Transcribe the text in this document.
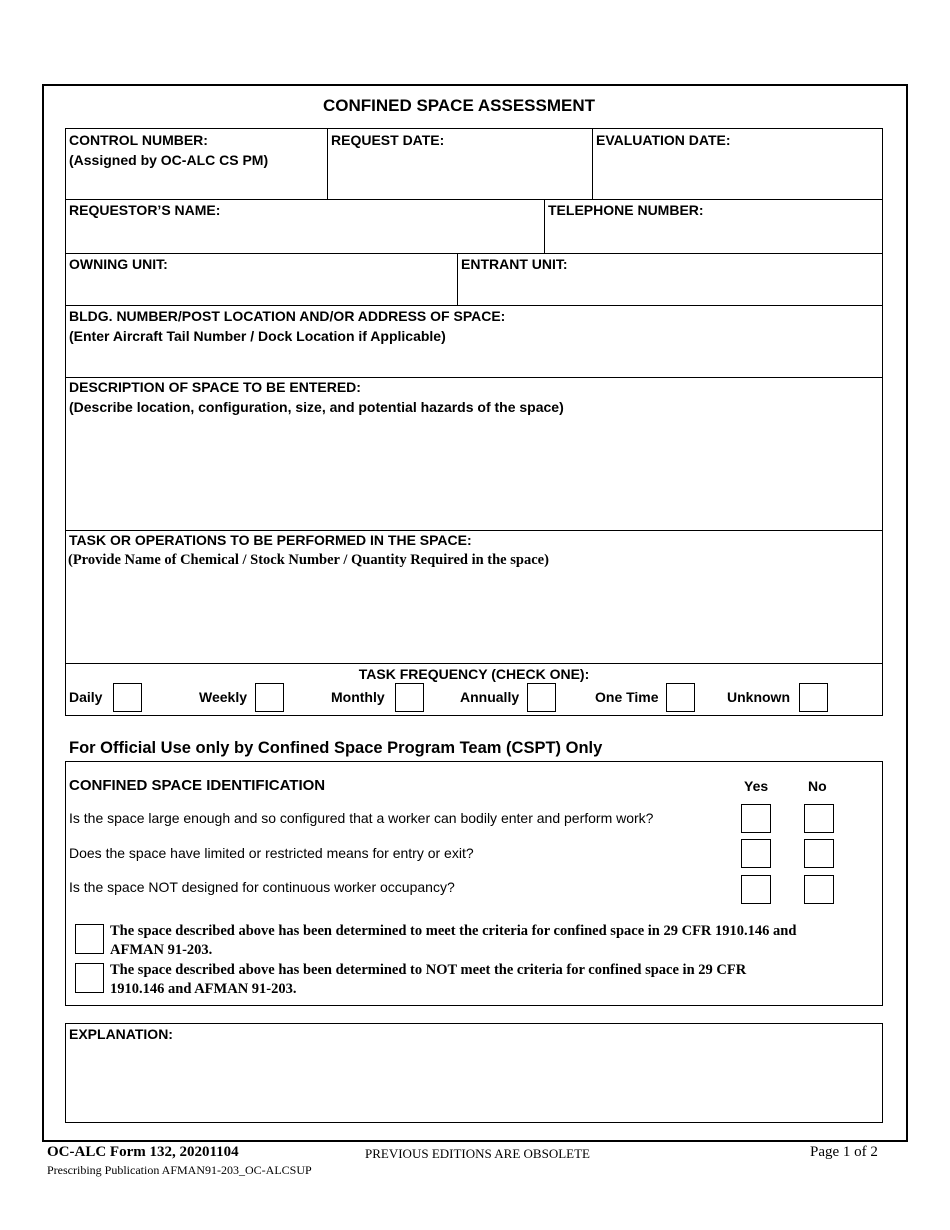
CONFINED SPACE ASSESSMENT
CONTROL NUMBER:
(Assigned by OC-ALC CS PM)
REQUEST DATE:	EVALUATION DATE:
REQUESTOR’S NAME:	TELEPHONE NUMBER:
OWNING UNIT:	ENTRANT UNIT:
BLDG. NUMBER/POST LOCATION AND/OR ADDRESS OF SPACE:
(Enter Aircraft Tail Number / Dock Location if Applicable)
DESCRIPTION OF SPACE TO BE ENTERED:
(Describe location, configuration, size, and potential hazards of the space)
TASK OR OPERATIONS TO BE PERFORMED IN THE SPACE:
(Provide Name of Chemical / Stock Number / Quantity Required in the space)
TASK FREQUENCY (CHECK ONE):
Daily	Weekly	Monthly	Annually	One Time	Unknown
For Official Use only by Confined Space Program Team (CSPT) Only
CONFINED SPACE IDENTIFICATION	Yes	No
Is the space large enough and so configured that a worker can bodily enter and perform work?
Does the space have limited or restricted means for entry or exit?
Is the space NOT designed for continuous worker occupancy?
The space described above has been determined to meet the criteria for confined space in 29 CFR 1910.146 and
AFMAN 91-203.
The space described above has been determined to NOT meet the criteria for confined space in 29 CFR
1910.146 and AFMAN 91-203.
EXPLANATION:
OC-ALC Form 132, 20201104	PREVIOUS EDITIONS ARE OBSOLETE	Page 1 of 2
Prescribing Publication AFMAN91-203_OC-ALCSUP
